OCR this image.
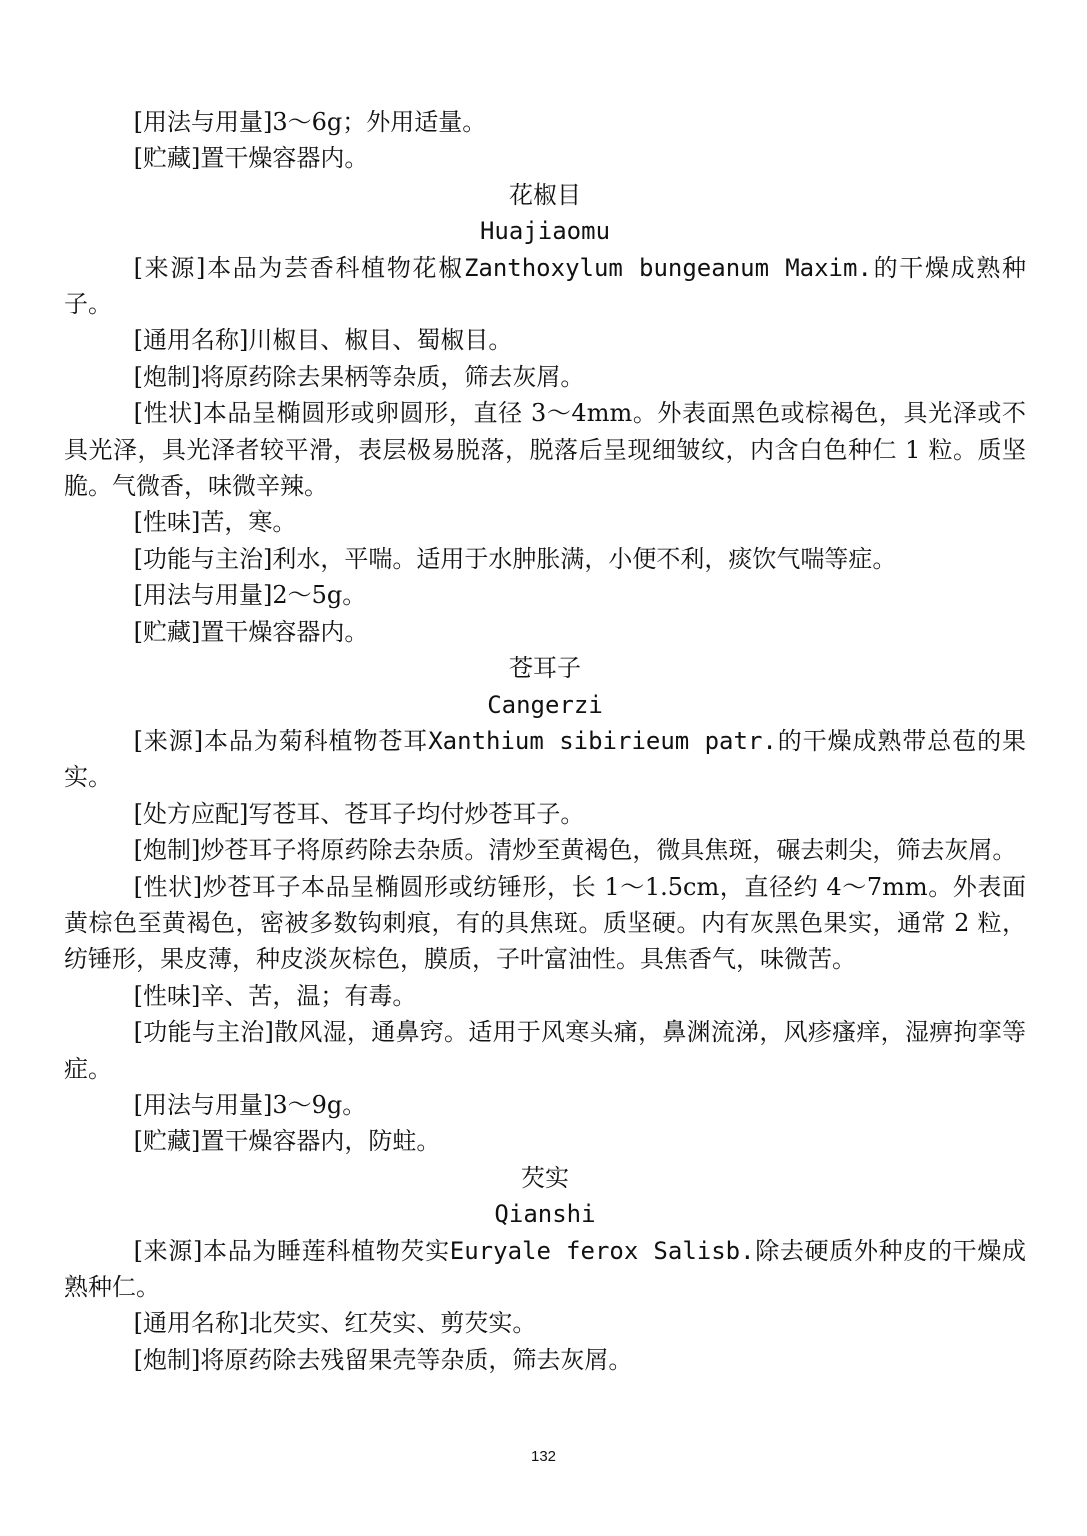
[用法与用量]3～6g；外用适量。

[贮藏]置干燥容器内。

花椒目

Huajiaomu

[来源]本品为芸香科植物花椒Zanthoxylum bungeanum Maxim.的干燥成熟种子。

[通用名称]川椒目、椒目、蜀椒目。

[炮制]将原药除去果柄等杂质，筛去灰屑。

[性状]本品呈椭圆形或卵圆形，直径 3～4mm。外表面黑色或棕褐色，具光泽或不具光泽，具光泽者较平滑，表层极易脱落，脱落后呈现细皱纹，内含白色种仁 1 粒。质坚脆。气微香，味微辛辣。

[性味]苦，寒。

[功能与主治]利水，平喘。适用于水肿胀满，小便不利，痰饮气喘等症。

[用法与用量]2～5g。

[贮藏]置干燥容器内。

苍耳子

Cangerzi

[来源]本品为菊科植物苍耳Xanthium sibirieum patr.的干燥成熟带总苞的果实。

[处方应配]写苍耳、苍耳子均付炒苍耳子。

[炮制]炒苍耳子将原药除去杂质。清炒至黄褐色，微具焦斑，碾去刺尖，筛去灰屑。

[性状]炒苍耳子本品呈椭圆形或纺锤形，长 1～1.5cm，直径约 4～7mm。外表面黄棕色至黄褐色，密被多数钩刺痕，有的具焦斑。质坚硬。内有灰黑色果实，通常 2 粒，纺锤形，果皮薄，种皮淡灰棕色，膜质，子叶富油性。具焦香气，味微苦。

[性味]辛、苦，温；有毒。

[功能与主治]散风湿，通鼻窍。适用于风寒头痛，鼻渊流涕，风疹瘙痒，湿痹拘挛等症。

[用法与用量]3～9g。

[贮藏]置干燥容器内，防蛀。

芡实

Qianshi

[来源]本品为睡莲科植物芡实Euryale ferox Salisb.除去硬质外种皮的干燥成熟种仁。

[通用名称]北芡实、红芡实、剪芡实。

[炮制]将原药除去残留果壳等杂质，筛去灰屑。

132
